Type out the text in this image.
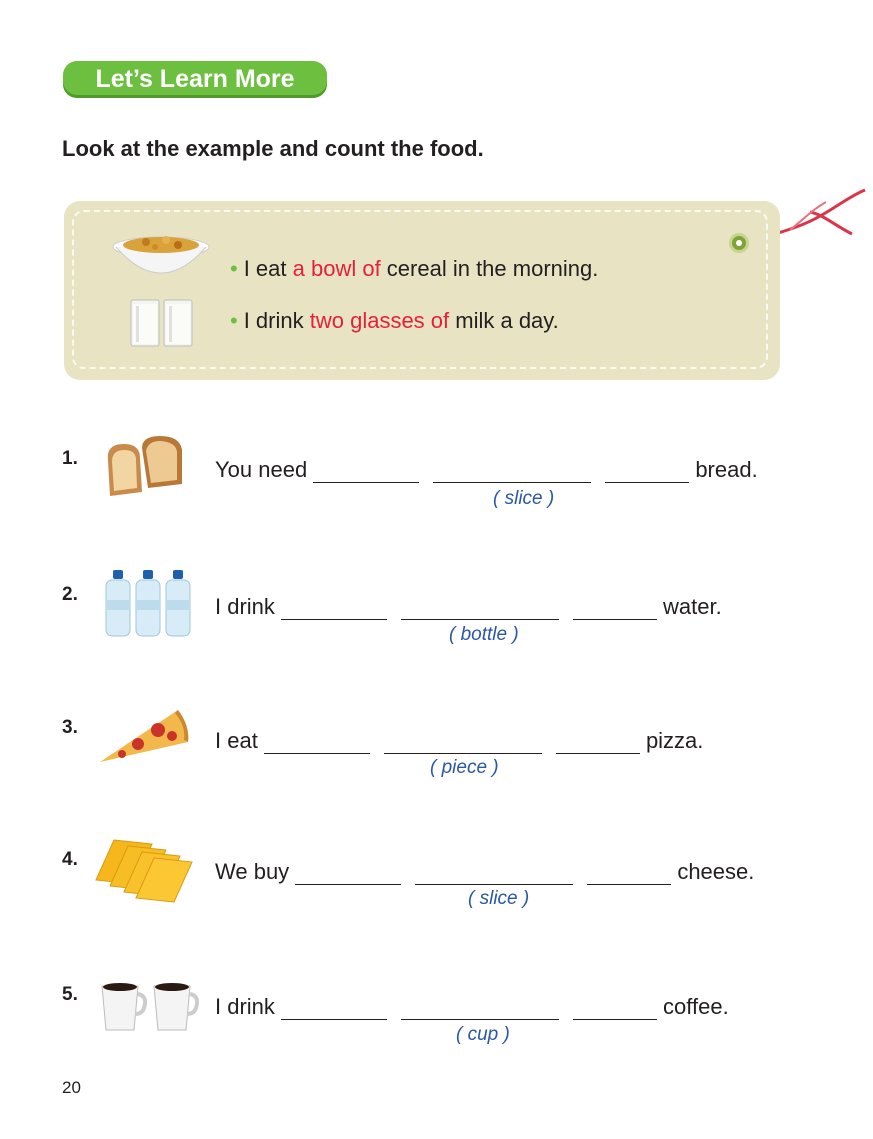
Let’s Learn More
Look at the example and count the food.
• I eat a bowl of cereal in the morning.
• I drink two glasses of milk a day.
1.	You need	bread.
( slice )
2.	I drink	water.
( bottle )
3.
I eat	pizza.
( piece )
4.	We buy	cheese.
( slice )
5.	I drink	coffee.
( cup )
20
